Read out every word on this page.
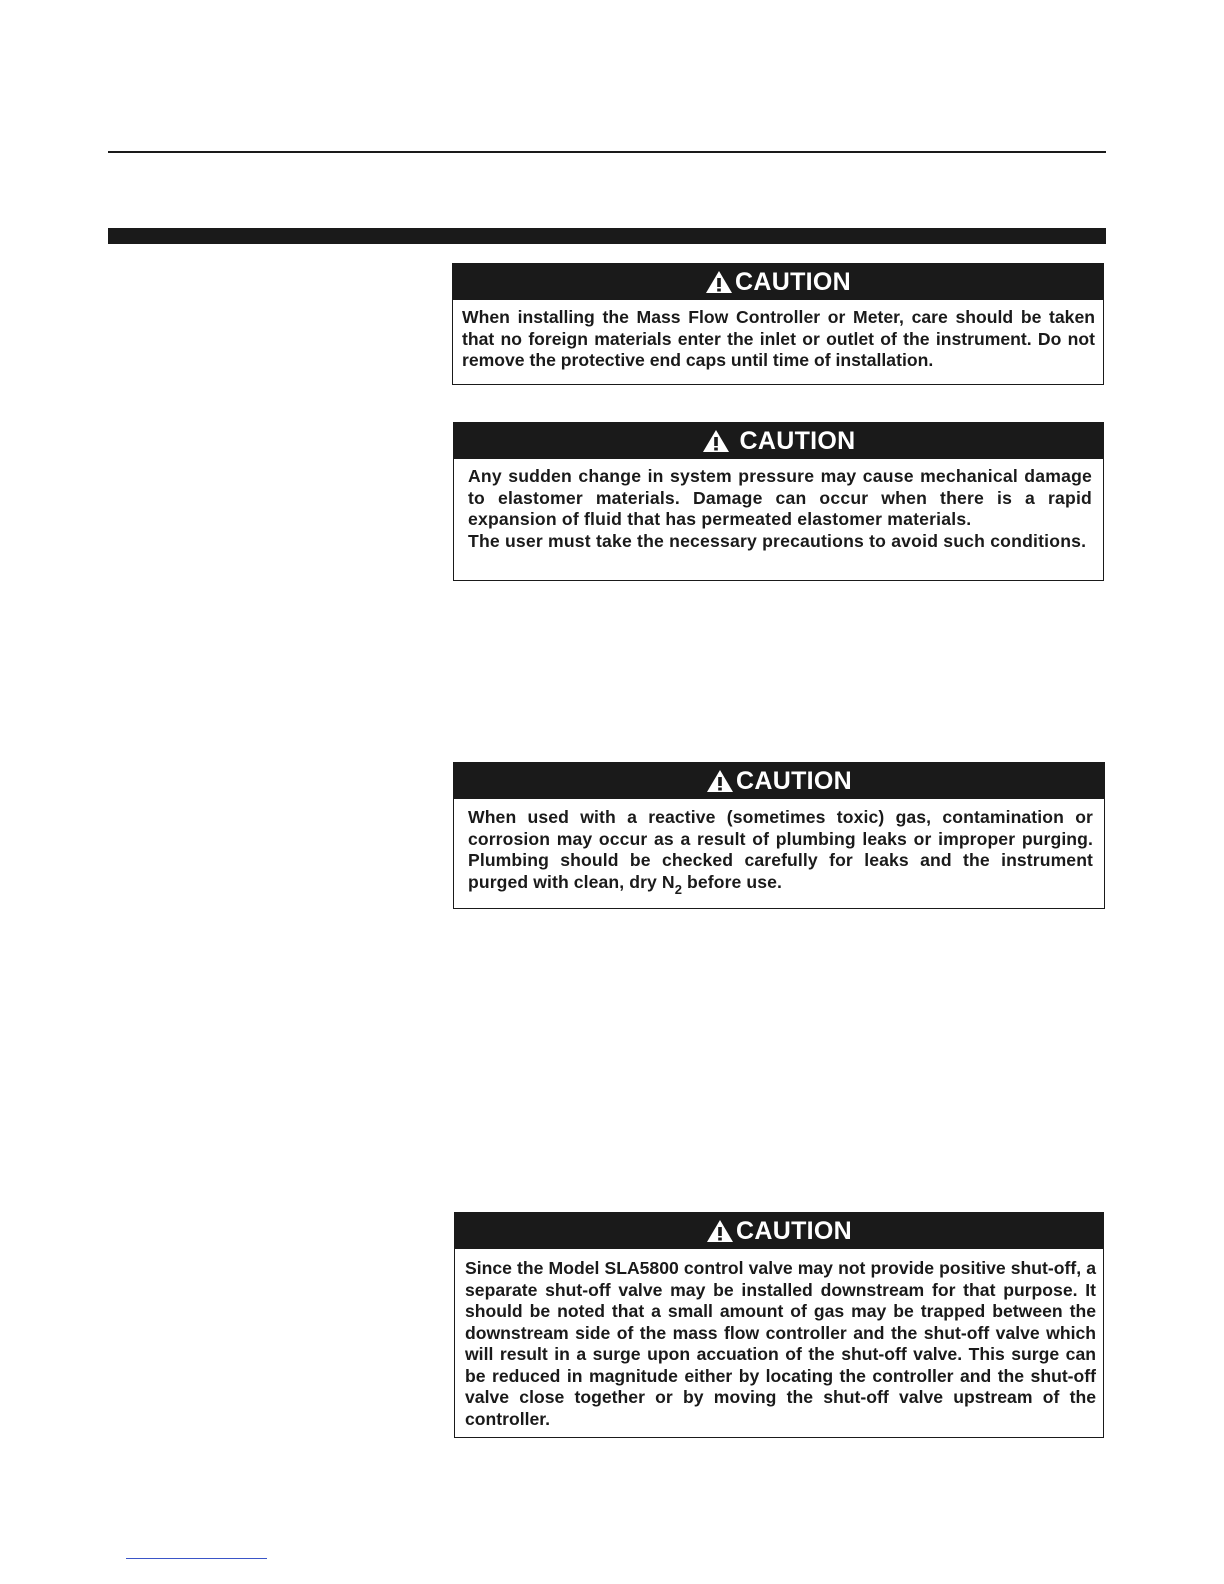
CAUTION

When installing the Mass Flow Controller or Meter, care should be taken that no foreign materials enter the inlet or outlet of the instrument. Do not remove the protective end caps until time of installation.

CAUTION

Any sudden change in system pressure may cause mechanical damage to elastomer materials. Damage can occur when there is a rapid expansion of fluid that has permeated elastomer materials.

The user must take the necessary precautions to avoid such conditions.

CAUTION

When used with a reactive (sometimes toxic) gas, contamination or corrosion may occur as a result of plumbing leaks or improper purging. Plumbing should be checked carefully for leaks and the instrument purged with clean, dry $N_2$ before use.

CAUTION

Since the Model SLA5800 control valve may not provide positive shut-off, a separate shut-off valve may be installed downstream for that purpose. It should be noted that a small amount of gas may be trapped between the downstream side of the mass flow controller and the shut-off valve which will result in a surge upon accuation of the shut-off valve. This surge can be reduced in magnitude either by locating the controller and the shut-off valve close together or by moving the shut-off valve upstream of the controller.
